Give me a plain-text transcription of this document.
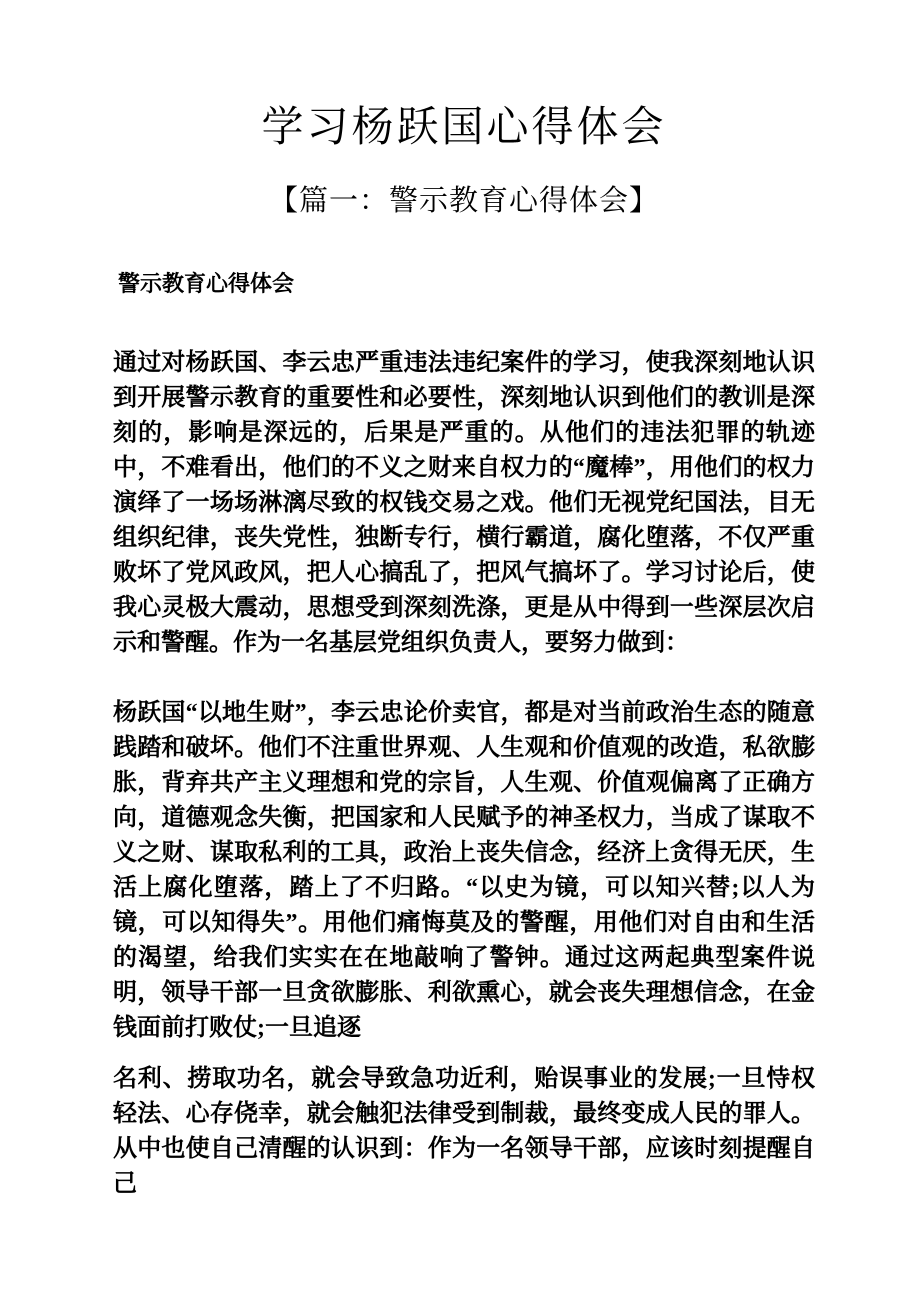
学习杨跃国心得体会
【篇一：警示教育心得体会】
警示教育心得体会

通过对杨跃国、李云忠严重违法违纪案件的学习，使我深刻地认识到开展警示教育的重要性和必要性，深刻地认识到他们的教训是深刻的，影响是深远的，后果是严重的。从他们的违法犯罪的轨迹中，不难看出，他们的不义之财来自权力的“魔棒”，用他们的权力演绎了一场场淋漓尽致的权钱交易之戏。他们无视党纪国法，目无组织纪律，丧失党性，独断专行，横行霸道，腐化堕落，不仅严重败坏了党风政风，把人心搞乱了，把风气搞坏了。学习讨论后，使我心灵极大震动，思想受到深刻洗涤，更是从中得到一些深层次启示和警醒。作为一名基层党组织负责人，要努力做到：

杨跃国“以地生财”，李云忠论价卖官，都是对当前政治生态的随意践踏和破坏。他们不注重世界观、人生观和价值观的改造，私欲膨胀，背弃共产主义理想和党的宗旨，人生观、价值观偏离了正确方向，道德观念失衡，把国家和人民赋予的神圣权力，当成了谋取不义之财、谋取私利的工具，政治上丧失信念，经济上贪得无厌，生活上腐化堕落，踏上了不归路。“以史为镜，可以知兴替;以人为镜，可以知得失”。用他们痛悔莫及的警醒，用他们对自由和生活的渴望，给我们实实在在地敲响了警钟。通过这两起典型案件说明，领导干部一旦贪欲膨胀、利欲熏心，就会丧失理想信念，在金钱面前打败仗;一旦追逐

名利、捞取功名，就会导致急功近利，贻误事业的发展;一旦恃权轻法、心存侥幸，就会触犯法律受到制裁，最终变成人民的罪人。从中也使自己清醒的认识到：作为一名领导干部，应该时刻提醒自己
